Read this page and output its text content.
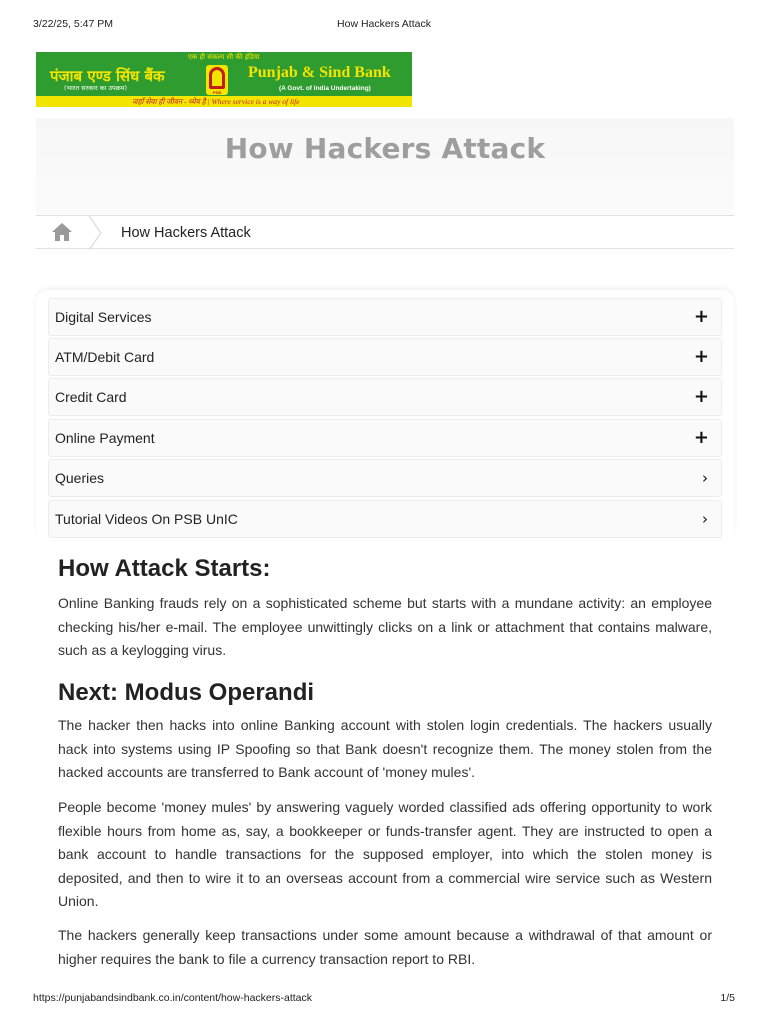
3/22/25, 5:47 PM	How Hackers Attack
एक ही संकल्प सी की इंडिया
पंजाब एण्ड सिंध बैंक
(भारत सरकार का उपक्रम)
PSB
Punjab & Sind Bank
(A Govt. of India Undertaking)
जहाँ सेवा ही जीवन - ध्येय है | Where service is a way of life
How Hackers Attack
How Hackers Attack
Digital Services	+
ATM/Debit Card	+
Credit Card	+
Online Payment	+
Queries	›
Tutorial Videos On PSB UnIC	›
How Attack Starts:

Online Banking frauds rely on a sophisticated scheme but starts with a mundane activity: an employee checking his/her e-mail. The employee unwittingly clicks on a link or attachment that contains malware, such as a keylogging virus.

Next: Modus Operandi

The hacker then hacks into online Banking account with stolen login credentials. The hackers usually hack into systems using IP Spoofing so that Bank doesn't recognize them. The money stolen from the hacked accounts are transferred to Bank account of 'money mules'.

People become 'money mules' by answering vaguely worded classified ads offering opportunity to work flexible hours from home as, say, a bookkeeper or funds-transfer agent. They are instructed to open a bank account to handle transactions for the supposed employer, into which the stolen money is deposited, and then to wire it to an overseas account from a commercial wire service such as Western Union.

The hackers generally keep transactions under some amount because a withdrawal of that amount or higher requires the bank to file a currency transaction report to RBI.

https://punjabandsindbank.co.in/content/how-hackers-attack	1/5
